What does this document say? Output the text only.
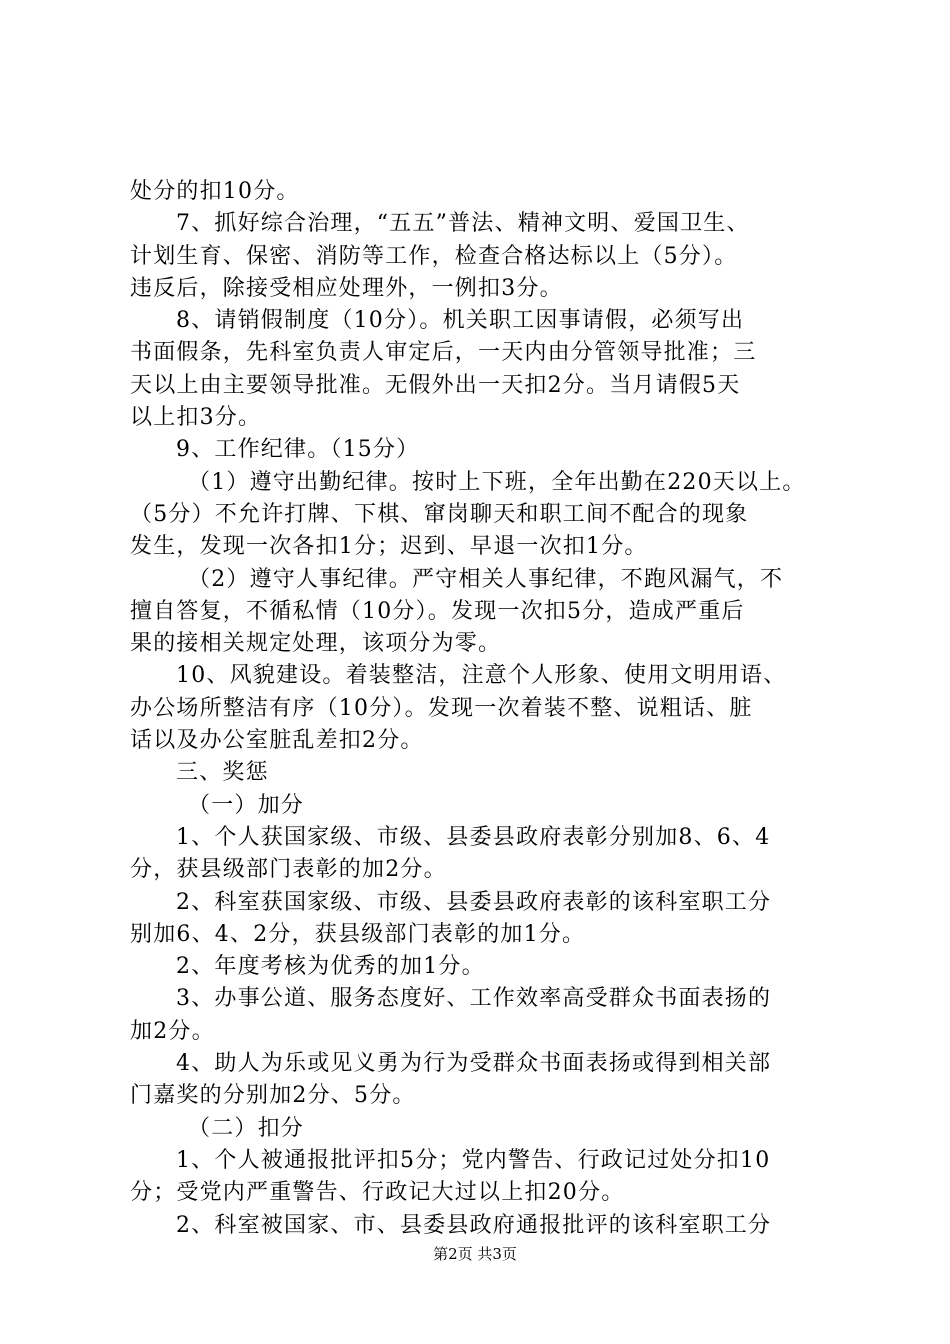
处分的扣10分。
7、抓好综合治理，“五五”普法、精神文明、爱国卫生、
计划生育、保密、消防等工作，检查合格达标以上（5分）。
违反后，除接受相应处理外，一例扣3分。
8、请销假制度（10分）。机关职工因事请假，必须写出
书面假条，先科室负责人审定后，一天内由分管领导批准；三
天以上由主要领导批准。无假外出一天扣2分。当月请假5天
以上扣3分。
9、工作纪律。（15分）
（1）遵守出勤纪律。按时上下班，全年出勤在220天以上。
（5分）不允许打牌、下棋、窜岗聊天和职工间不配合的现象
发生，发现一次各扣1分；迟到、早退一次扣1分。
（2）遵守人事纪律。严守相关人事纪律，不跑风漏气，不
擅自答复，不循私情（10分）。发现一次扣5分，造成严重后
果的接相关规定处理，该项分为零。
10、风貌建设。着装整洁，注意个人形象、使用文明用语、
办公场所整洁有序（10分）。发现一次着装不整、说粗话、脏
话以及办公室脏乱差扣2分。
三、奖惩
（一）加分
1、个人获国家级、市级、县委县政府表彰分别加8、6、4
分，获县级部门表彰的加2分。
2、科室获国家级、市级、县委县政府表彰的该科室职工分
别加6、4、2分，获县级部门表彰的加1分。
2、年度考核为优秀的加1分。
3、办事公道、服务态度好、工作效率高受群众书面表扬的
加2分。
4、助人为乐或见义勇为行为受群众书面表扬或得到相关部
门嘉奖的分别加2分、5分。
（二）扣分
1、个人被通报批评扣5分；党内警告、行政记过处分扣10
分；受党内严重警告、行政记大过以上扣20分。
2、科室被国家、市、县委县政府通报批评的该科室职工分
第2页 共3页
